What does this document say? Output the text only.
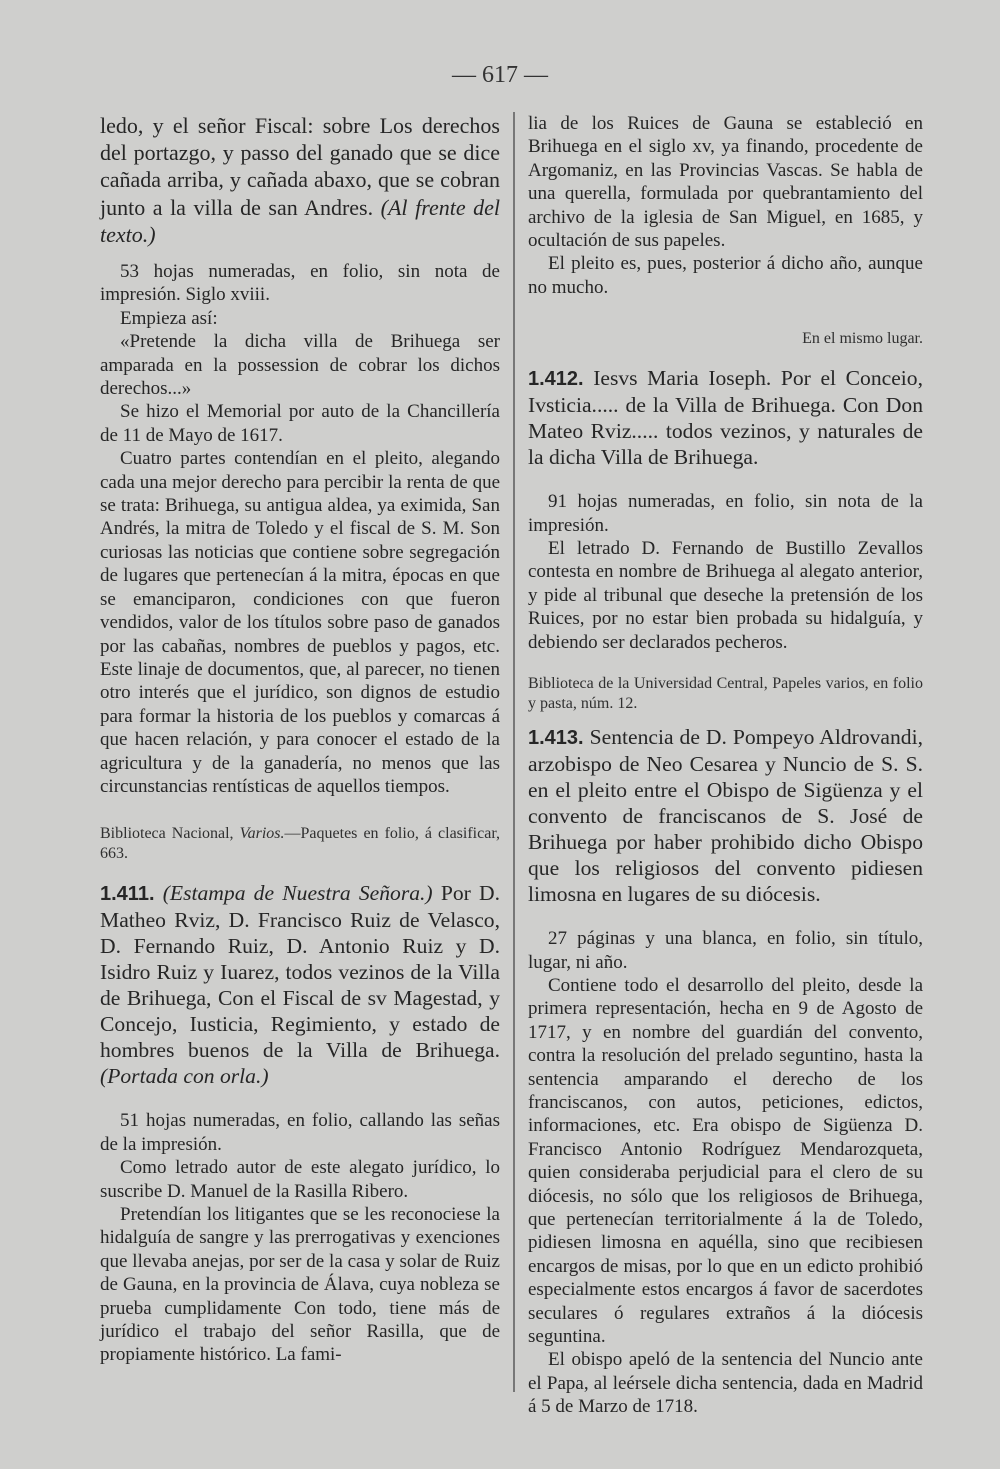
— 617 —

ledo, y el señor Fiscal: sobre Los derechos del portazgo, y passo del ganado que se dice cañada arriba, y cañada abaxo, que se cobran junto a la villa de san Andres. (Al frente del texto.)

53 hojas numeradas, en folio, sin nota de impresión. Siglo xviii.

Empieza así:

«Pretende la dicha villa de Brihuega ser amparada en la possession de cobrar los dichos derechos...»

Se hizo el Memorial por auto de la Chancillería de 11 de Mayo de 1617.

Cuatro partes contendían en el pleito, alegando cada una mejor derecho para percibir la renta de que se trata: Brihuega, su antigua aldea, ya eximida, San Andrés, la mitra de Toledo y el fiscal de S. M. Son curiosas las noticias que contiene sobre segregación de lugares que pertenecían á la mitra, épocas en que se emanciparon, condiciones con que fueron vendidos, valor de los títulos sobre paso de ganados por las cabañas, nombres de pueblos y pagos, etc. Este linaje de documentos, que, al parecer, no tienen otro interés que el jurídico, son dignos de estudio para formar la historia de los pueblos y comarcas á que hacen relación, y para conocer el estado de la agricultura y de la ganadería, no menos que las circunstancias rentísticas de aquellos tiempos.

Biblioteca Nacional, Varios.—Paquetes en folio, á clasificar, 663.

1.411. (Estampa de Nuestra Señora.) Por D. Matheo Rviz, D. Francisco Ruiz de Velasco, D. Fernando Ruiz, D. Antonio Ruiz y D. Isidro Ruiz y Iuarez, todos vezinos de la Villa de Brihuega, Con el Fiscal de sv Magestad, y Concejo, Iusticia, Regimiento, y estado de hombres buenos de la Villa de Brihuega. (Portada con orla.)

51 hojas numeradas, en folio, callando las señas de la impresión.

Como letrado autor de este alegato jurídico, lo suscribe D. Manuel de la Rasilla Ribero.

Pretendían los litigantes que se les reconociese la hidalguía de sangre y las prerrogativas y exenciones que llevaba anejas, por ser de la casa y solar de Ruiz de Gauna, en la provincia de Álava, cuya nobleza se prueba cumplidamente Con todo, tiene más de jurídico el trabajo del señor Rasilla, que de propiamente histórico. La fami-

lia de los Ruices de Gauna se estableció en Brihuega en el siglo xv, ya finando, procedente de Argomaniz, en las Provincias Vascas. Se habla de una querella, formulada por quebrantamiento del archivo de la iglesia de San Miguel, en 1685, y ocultación de sus papeles.

El pleito es, pues, posterior á dicho año, aunque no mucho.

En el mismo lugar.

1.412. Iesvs Maria Ioseph. Por el Conceio, Ivsticia..... de la Villa de Brihuega. Con Don Mateo Rviz..... todos vezinos, y naturales de la dicha Villa de Brihuega.

91 hojas numeradas, en folio, sin nota de la impresión.

El letrado D. Fernando de Bustillo Zevallos contesta en nombre de Brihuega al alegato anterior, y pide al tribunal que deseche la pretensión de los Ruices, por no estar bien probada su hidalguía, y debiendo ser declarados pecheros.

Biblioteca de la Universidad Central, Papeles varios, en folio y pasta, núm. 12.

1.413. Sentencia de D. Pompeyo Aldrovandi, arzobispo de Neo Cesarea y Nuncio de S. S. en el pleito entre el Obispo de Sigüenza y el convento de franciscanos de S. José de Brihuega por haber prohibido dicho Obispo que los religiosos del convento pidiesen limosna en lugares de su diócesis.

27 páginas y una blanca, en folio, sin título, lugar, ni año.

Contiene todo el desarrollo del pleito, desde la primera representación, hecha en 9 de Agosto de 1717, y en nombre del guardián del convento, contra la resolución del prelado seguntino, hasta la sentencia amparando el derecho de los franciscanos, con autos, peticiones, edictos, informaciones, etc. Era obispo de Sigüenza D. Francisco Antonio Rodríguez Mendarozqueta, quien consideraba perjudicial para el clero de su diócesis, no sólo que los religiosos de Brihuega, que pertenecían territorialmente á la de Toledo, pidiesen limosna en aquélla, sino que recibiesen encargos de misas, por lo que en un edicto prohibió especialmente estos encargos á favor de sacerdotes seculares ó regulares extraños á la diócesis seguntina.

El obispo apeló de la sentencia del Nuncio ante el Papa, al leérsele dicha sentencia, dada en Madrid á 5 de Marzo de 1718.
